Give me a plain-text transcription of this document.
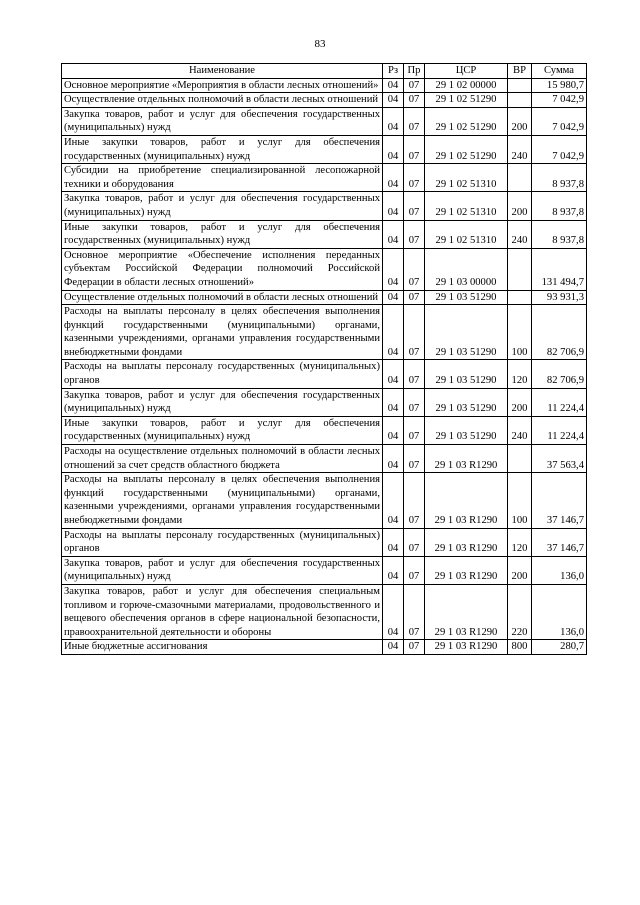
83
Наименование	Рз	Пр	ЦСР	ВР	Сумма
Основное мероприятие «Мероприятия в области лесных отношений»	04	07	29 1 02 00000		15 980,7
Осуществление отдельных полномочий в области лесных отношений	04	07	29 1 02 51290		7 042,9
Закупка товаров, работ и услуг для обеспечения государственных (муниципальных) нужд	04	07	29 1 02 51290	200	7 042,9
Иные закупки товаров, работ и услуг для обеспечения государственных (муниципальных) нужд	04	07	29 1 02 51290	240	7 042,9
Субсидии на приобретение специализированной лесопожарной техники и оборудования	04	07	29 1 02 51310		8 937,8
Закупка товаров, работ и услуг для обеспечения государственных (муниципальных) нужд	04	07	29 1 02 51310	200	8 937,8
Иные закупки товаров, работ и услуг для обеспечения государственных (муниципальных) нужд	04	07	29 1 02 51310	240	8 937,8
Основное мероприятие «Обеспечение исполнения переданных субъектам Российской Федерации полномочий Российской Федерации в области лесных отношений»	04	07	29 1 03 00000		131 494,7
Осуществление отдельных полномочий в области лесных отношений	04	07	29 1 03 51290		93 931,3
Расходы на выплаты персоналу в целях обеспечения выполнения функций государственными (муниципальными) органами, казенными учреждениями, органами управления государственными внебюджетными фондами	04	07	29 1 03 51290	100	82 706,9
Расходы на выплаты персоналу государственных (муниципальных) органов	04	07	29 1 03 51290	120	82 706,9
Закупка товаров, работ и услуг для обеспечения государственных (муниципальных) нужд	04	07	29 1 03 51290	200	11 224,4
Иные закупки товаров, работ и услуг для обеспечения государственных (муниципальных) нужд	04	07	29 1 03 51290	240	11 224,4
Расходы на осуществление отдельных полномочий в области лесных отношений за счет средств областного бюджета	04	07	29 1 03 R1290		37 563,4
Расходы на выплаты персоналу в целях обеспечения выполнения функций государственными (муниципальными) органами, казенными учреждениями, органами управления государственными внебюджетными фондами	04	07	29 1 03 R1290	100	37 146,7
Расходы на выплаты персоналу государственных (муниципальных) органов	04	07	29 1 03 R1290	120	37 146,7
Закупка товаров, работ и услуг для обеспечения государственных (муниципальных) нужд	04	07	29 1 03 R1290	200	136,0
Закупка товаров, работ и услуг для обеспечения специальным топливом и горюче-смазочными материалами, продовольственного и вещевого обеспечения органов в сфере национальной безопасности, правоохранительной деятельности и обороны	04	07	29 1 03 R1290	220	136,0
Иные бюджетные ассигнования	04	07	29 1 03 R1290	800	280,7
